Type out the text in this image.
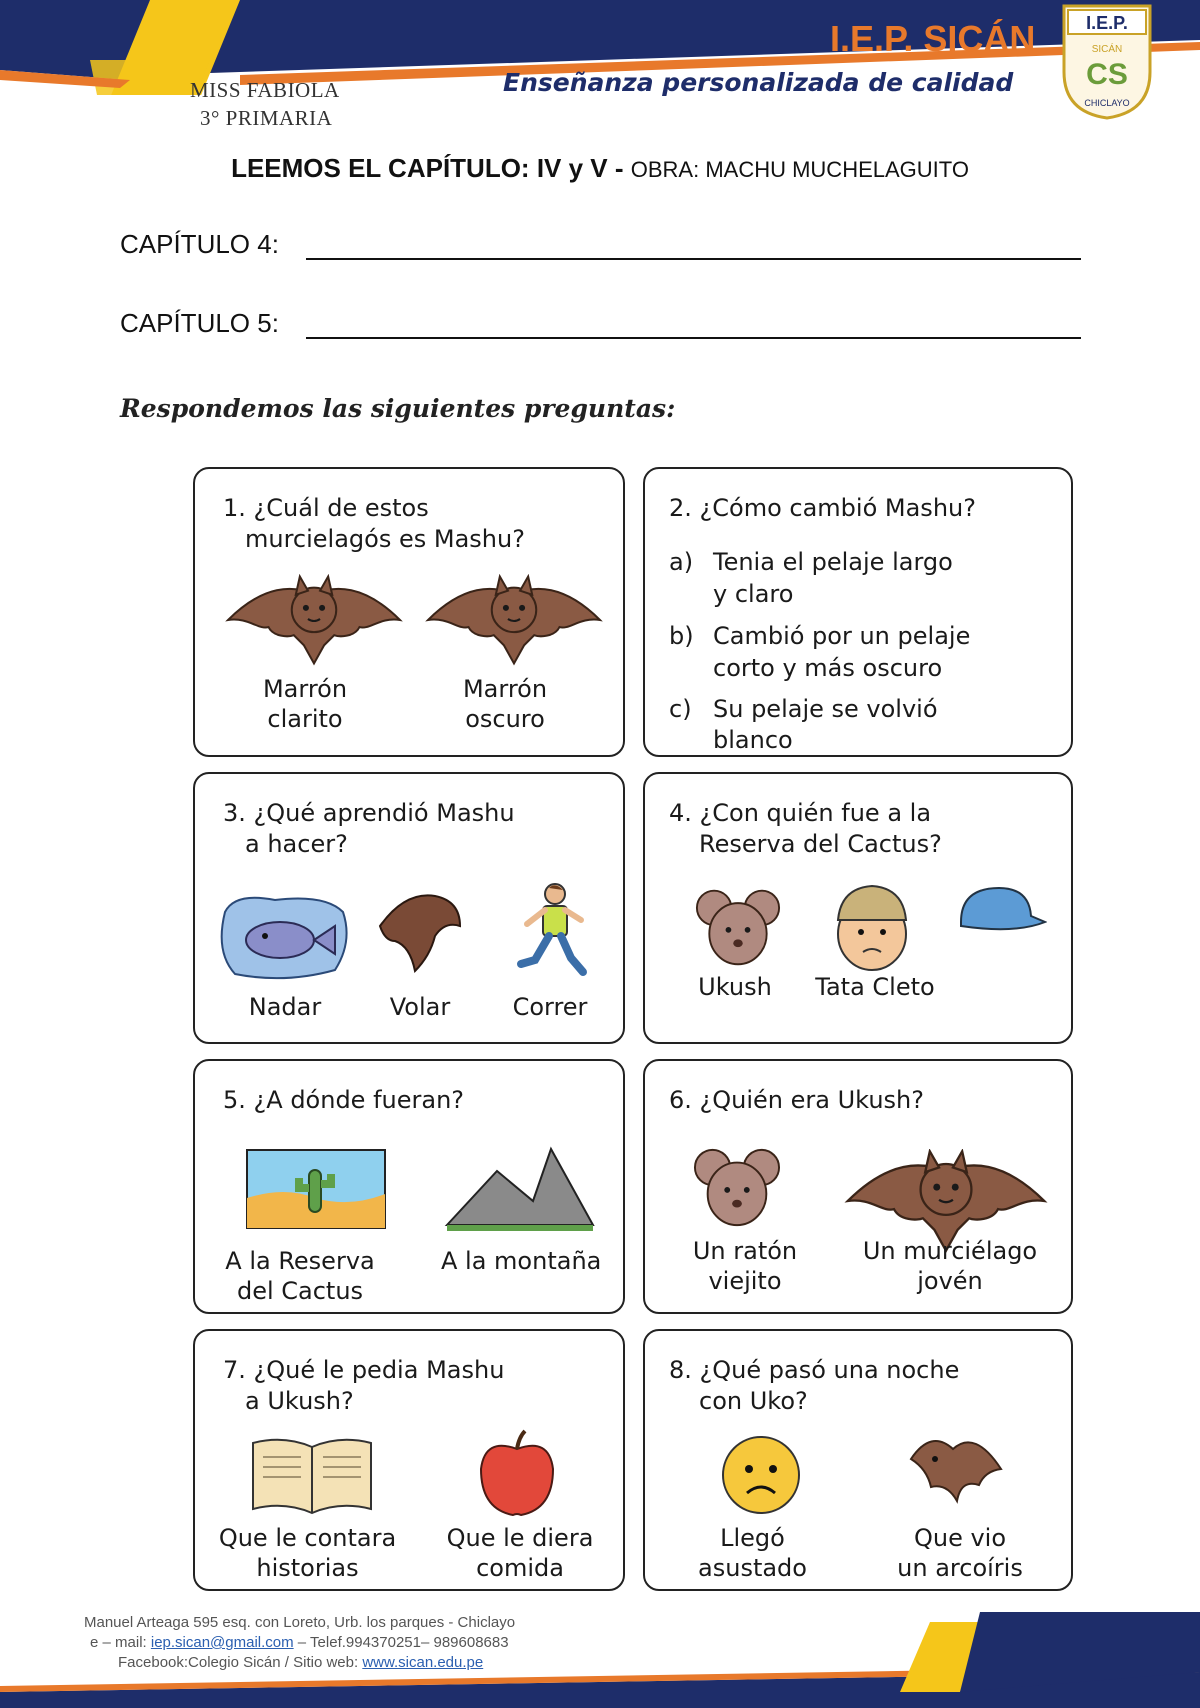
MISS FABIOLA
3° PRIMARIA
I.E.P. SICÁN
Enseñanza personalizada de calidad
I.E.P.
SICÁN
CS
CHICLAYO
LEEMOS EL CAPÍTULO: IV y V - OBRA: MACHU MUCHELAGUITO
CAPÍTULO 4:
CAPÍTULO 5:
Respondemos las siguientes preguntas:
1. ¿Cuál de estos
murcielagós es Mashu?
Marrón
clarito
Marrón
oscuro
2. ¿Cómo cambió Mashu?
a) Tenia el pelaje largo
y claro
b) Cambió por un pelaje
corto y más oscuro
c) Su pelaje se volvió
blanco
3. ¿Qué aprendió Mashu
a hacer?
Nadar	Volar	Correr
4. ¿Con quién fue a la
Reserva del Cactus?
Ukush	Tata Cleto
5. ¿A dónde fueran?
A la Reserva
del Cactus
A la montaña
6. ¿Quién era Ukush?
Un ratón
viejito
Un murciélago
jovén
7. ¿Qué le pedia Mashu
a Ukush?
Que le contara
historias
Que le diera
comida
8. ¿Qué pasó una noche
con Uko?
Llegó
asustado
Que vio
un arcoíris
Manuel Arteaga 595 esq. con Loreto, Urb. los parques - Chiclayo
e – mail: iep.sican@gmail.com – Telef.994370251– 989608683
Facebook:Colegio Sicán / Sitio web: www.sican.edu.pe
